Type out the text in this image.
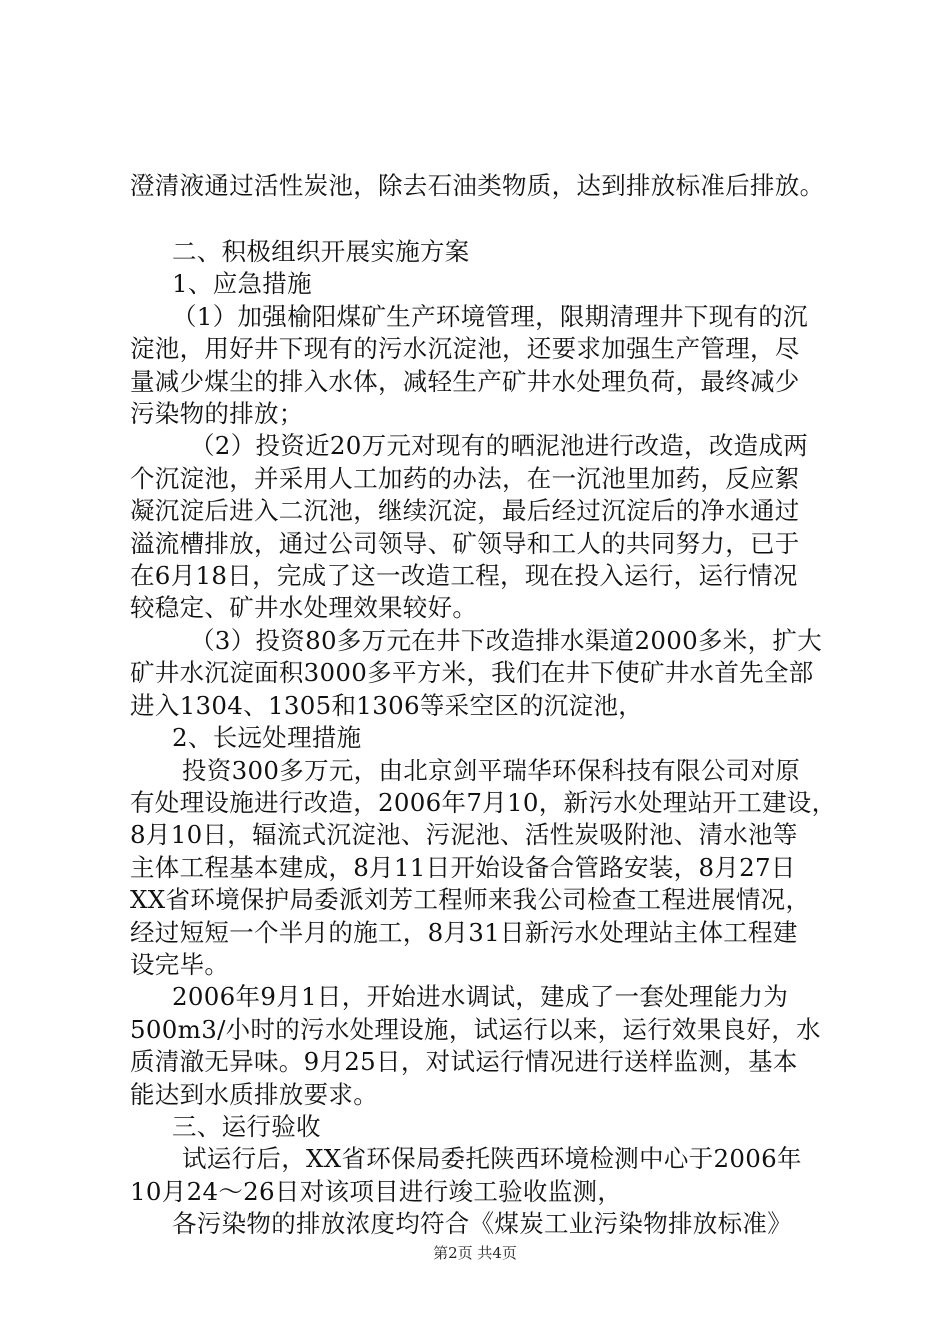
澄清液通过活性炭池，除去石油类物质，达到排放标准后排放。

二、积极组织开展实施方案
1、应急措施
（1）加强榆阳煤矿生产环境管理，限期清理井下现有的沉
淀池，用好井下现有的污水沉淀池，还要求加强生产管理，尽
量减少煤尘的排入水体，减轻生产矿井水处理负荷，最终减少
污染物的排放；
（2）投资近20万元对现有的晒泥池进行改造，改造成两
个沉淀池，并采用人工加药的办法，在一沉池里加药，反应絮
凝沉淀后进入二沉池，继续沉淀，最后经过沉淀后的净水通过
溢流槽排放，通过公司领导、矿领导和工人的共同努力，已于
在6月18日，完成了这一改造工程，现在投入运行，运行情况
较稳定、矿井水处理效果较好。
（3）投资80多万元在井下改造排水渠道2000多米，扩大
矿井水沉淀面积3000多平方米，我们在井下使矿井水首先全部
进入1304、1305和1306等采空区的沉淀池，
2、长远处理措施
投资300多万元，由北京剑平瑞华环保科技有限公司对原
有处理设施进行改造，2006年7月10，新污水处理站开工建设，
8月10日，辐流式沉淀池、污泥池、活性炭吸附池、清水池等
主体工程基本建成，8月11日开始设备合管路安装，8月27日
XX省环境保护局委派刘芳工程师来我公司检查工程进展情况，
经过短短一个半月的施工，8月31日新污水处理站主体工程建
设完毕。
2006年9月1日，开始进水调试，建成了一套处理能力为
500m3/小时的污水处理设施，试运行以来，运行效果良好，水
质清澈无异味。9月25日，对试运行情况进行送样监测，基本
能达到水质排放要求。
三、运行验收
试运行后，XX省环保局委托陕西环境检测中心于2006年
10月24～26日对该项目进行竣工验收监测，
各污染物的排放浓度均符合《煤炭工业污染物排放标准》
第2页 共4页
